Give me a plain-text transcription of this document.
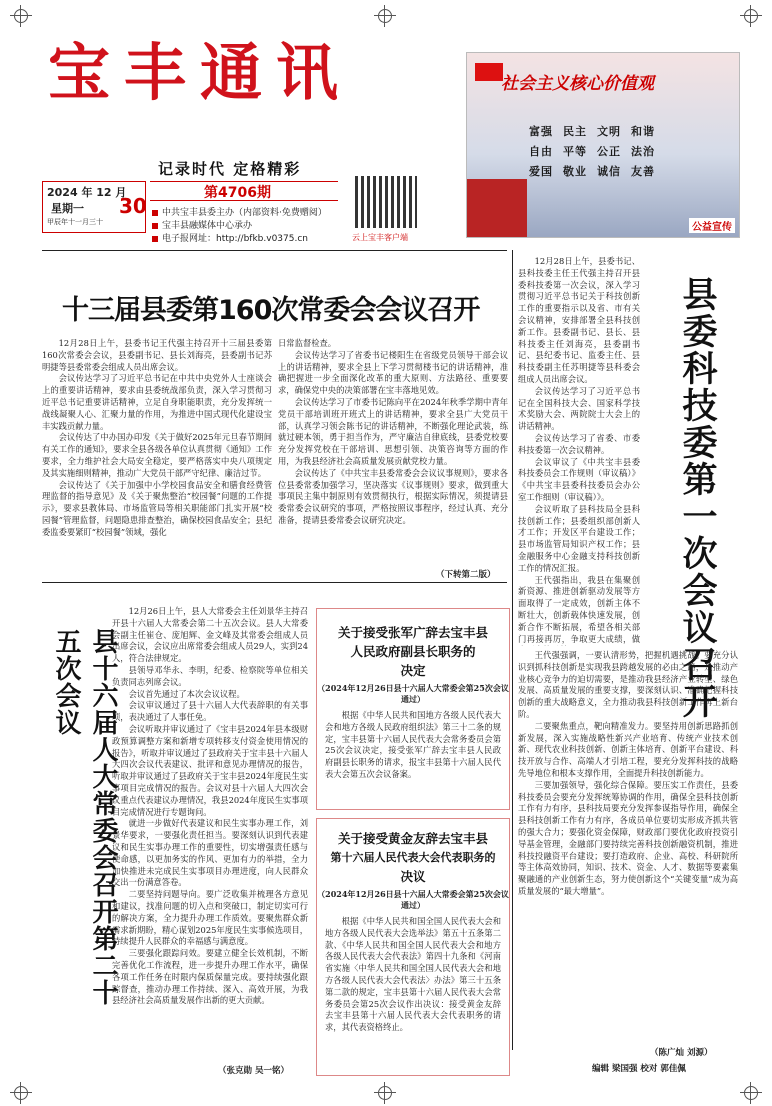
宝丰通讯
记录时代 定格精彩
第4706期
2024 年 12 月
星期一
甲辰年十一月三十
30	中共宝丰县委主办（内部资料·免费赠阅）
宝丰县融媒体中心承办
电子报网址：http://bfkb.v0375.cn	云上宝丰客户端
社会主义核心价值观
富强 民主 文明 和谐
自由 平等 公正 法治
爱国 敬业 诚信 友善
公益宣传
十三届县委第160次常委会会议召开

12月28日上午，县委书记王代强主持召开十三届县委第160次常委会会议，县委副书记、县长刘海亮，县委副书记苏明捷等县委常委会组成人员出席会议。

会议传达学习了习近平总书记在中共中央党外人士座谈会上的重要讲话精神，要求由县委统战部负责，深入学习贯彻习近平总书记重要讲话精神，立足自身职能职责，充分发挥统一战线凝聚人心、汇聚力量的作用，为推进中国式现代化建设宝丰实践贡献力量。

会议传达了中办国办印发《关于做好2025年元旦春节期间有关工作的通知》，要求全县各级各单位认真贯彻《通知》工作要求，全力维护社会大局安全稳定，要严格落实中央八项规定及其实施细则精神，推动广大党员干部严守纪律、廉洁过节。

会议传达了《关于加强中小学校园食品安全和膳食经费管理监督的指导意见》及《关于聚焦整治“校园餐”问题的工作提示》，要求县教体局、市场监管局等相关职能部门扎实开展“校园餐”管理监督，问题隐患排查整治，确保校园食品安全；县纪委监委要紧盯“校园餐”领域，强化

日常监督检查。

会议传达学习了省委书记楼阳生在省级党员领导干部会议上的讲话精神，要求全县上下学习贯彻楼书记的讲话精神，准确把握进一步全面深化改革的重大原则、方法路径、重要要求，确保党中央的决策部署在宝丰落地见效。

会议传达学习了市委书记陈向平在2024年秋季学期中青年党员干部培训班开班式上的讲话精神，要求全县广大党员干部，认真学习领会陈书记的讲话精神，不断强化理论武装，练就过硬本领，勇于担当作为，严守廉洁自律底线，县委党校要充分发挥党校在干部培训、思想引领、决策咨询等方面的作用，为我县经济社会高质量发展贡献党校力量。

会议传达了《中共宝丰县委常委会会议议事规则》，要求各位县委常委加强学习，坚决落实《议事规则》要求，做到重大事项民主集中制原则有效贯彻执行，根据实际情况，须提请县委常委会议研究的事项，严格按照议事程序，经过认真、充分准备，提请县委常委会议研究决定。

（下转第二版）

12月28日上午，县委书记、县科技委主任王代强主持召开县委科技委第一次会议，深入学习贯彻习近平总书记关于科技创新工作的重要指示以及省、市有关会议精神，安排部署全县科技创新工作。县委副书记、县长、县科技委主任刘海亮，县委副书记、县纪委书记、监委主任、县科技委副主任苏明捷等县科委会组成人员出席会议。

会议传达学习了习近平总书记在全国科技大会、国家科学技术奖励大会、两院院士大会上的讲话精神。

会议传达学习了省委、市委科技委第一次会议精神。

会议审议了《中共宝丰县委科技委员会工作规则（审议稿）》《中共宝丰县委科技委员会办公室工作细则（审议稿）》。

会议听取了县科技局全县科技创新工作；县委组织部创新人才工作；开发区平台建设工作；县市场监管局知识产权工作；县金融服务中心金融支持科技创新工作的情况汇报。

王代强指出，我县在集聚创新资源、推进创新驱动发展等方面取得了一定成效，创新主体不断壮大，创新载体快速发展，创新合作不断拓展，希望各相关部门再接再厉，争取更大成绩，做 县委科技委第一次会议召开

王代强强调，一要认清形势，把握机遇挑战。要充分认识到抓科技创新是实现我县跨越发展的必由之路，是推动产业核心竞争力的迫切需要，是推动我县经济产业转型、绿色发展、高质量发展的重要支撑，要深刻认识、准确把握科技创新的重大战略意义，全力推动我县科技创新工作再上新台阶。

二要聚焦重点，靶向精准发力。要坚持用创新思路抓创新发展，深入实施战略性新兴产业培育、传统产业技术创新、现代农业科技创新、创新主体培育、创新平台建设、科技开放与合作、高端人才引培工程，要充分发挥科技的战略先导地位和根本支撑作用，全面提升科技创新能力。

三要加强领导，强化综合保障。要压实工作责任，县委科技委员会要充分发挥统筹协调的作用，确保全县科技创新工作有力有序，县科技局要充分发挥参谋指导作用，确保全县科技创新工作有力有序，各成员单位要切实形成齐抓共管的强大合力；要强化资金保障，财政部门要优化政府投资引导基金管理，金融部门要持续完善科技创新融资机制，推进科技投融资平台建设；要打造政府、企业、高校、科研院所等主体高效协同，知识、技术、资金、人才、数据等要素集聚融通的产业创新生态，努力使创新这个“关键变量”成为高质量发展的“最大增量”。

（陈广灿 刘源）
编辑 梁国强 校对 郭佳佩
县十六届人大常委会召开第二十五次会议

12月26日上午，县人大常委会主任刘景华主持召开县十六届人大常委会第二十五次会议。县人大常委会副主任崔仓、庞旭辉、金文峰及其常委会组成人员出席会议，会议应出席常委会组成人员29人，实到24人，符合法律规定。

县领导邓华永、李明，纪委、检察院等单位相关负责同志列席会议。

会议首先通过了本次会议议程。

会议审议通过了县十六届人大代表辞职的有关事项，表决通过了人事任免。

会议听取并审议通过了《宝丰县2024年县本级财政预算调整方案和新增专项转移支付资金使用情况的报告》，听取并审议通过了县政府关于宝丰县十六届人大四次会议代表建议、批评和意见办理情况的报告，听取并审议通过了县政府关于宝丰县2024年度民生实事项目完成情况的报告。会议对县十六届人大四次会议重点代表建议办理情况，我县2024年度民生实事项目完成情况进行专题询问。

就进一步做好代表建议和民生实事办理工作，刘景华要求，一要强化责任担当。要深刻认识到代表建议和民生实事办理工作的重要性，切实增强责任感与使命感，以更加务实的作风、更加有力的举措，全力加快推进未完成民生实事项目办理进度，向人民群众交出一份满意答卷。

二要坚持问题导向。要广泛收集并梳理各方意见和建议，找准问题的切入点和突破口，制定切实可行的解决方案，全力提升办理工作质效。要聚焦群众新需求新期盼，精心谋划2025年度民生实事候选项目，持续提升人民群众的幸福感与满意度。

三要强化跟踪问效。要建立健全长效机制，不断完善优化工作流程，进一步提升办理工作水平，确保各项工作任务在时限内保质保量完成。要持续强化跟踪督查，推动办理工作持续、深入、高效开展，为我县经济社会高质量发展作出新的更大贡献。

（张克勋 吴一铭）
关于接受张军广辞去宝丰县
人民政府副县长职务的
决定
（2024年12月26日县十六届人大常委会第25次会议通过）

根据《中华人民共和国地方各级人民代表大会和地方各级人民政府组织法》第三十二条的规定，宝丰县第十六届人民代表大会常务委员会第25次会议决定，接受张军广辞去宝丰县人民政府副县长职务的请求，报宝丰县第十六届人民代表大会第五次会议备案。

关于接受黄金友辞去宝丰县
第十六届人民代表大会代表职务的
决议
（2024年12月26日县十六届人大常委会第25次会议通过）

根据《中华人民共和国全国人民代表大会和地方各级人民代表大会选举法》第五十五条第二款、《中华人民共和国全国人民代表大会和地方各级人民代表大会代表法》第四十九条和《河南省实施〈中华人民共和国全国人民代表大会和地方各级人民代表大会代表法〉办法》第三十五条第二款的规定，宝丰县第十六届人民代表大会常务委员会第25次会议作出决议：接受黄金友辞去宝丰县第十六届人民代表大会代表职务的请求，其代表资格终止。
